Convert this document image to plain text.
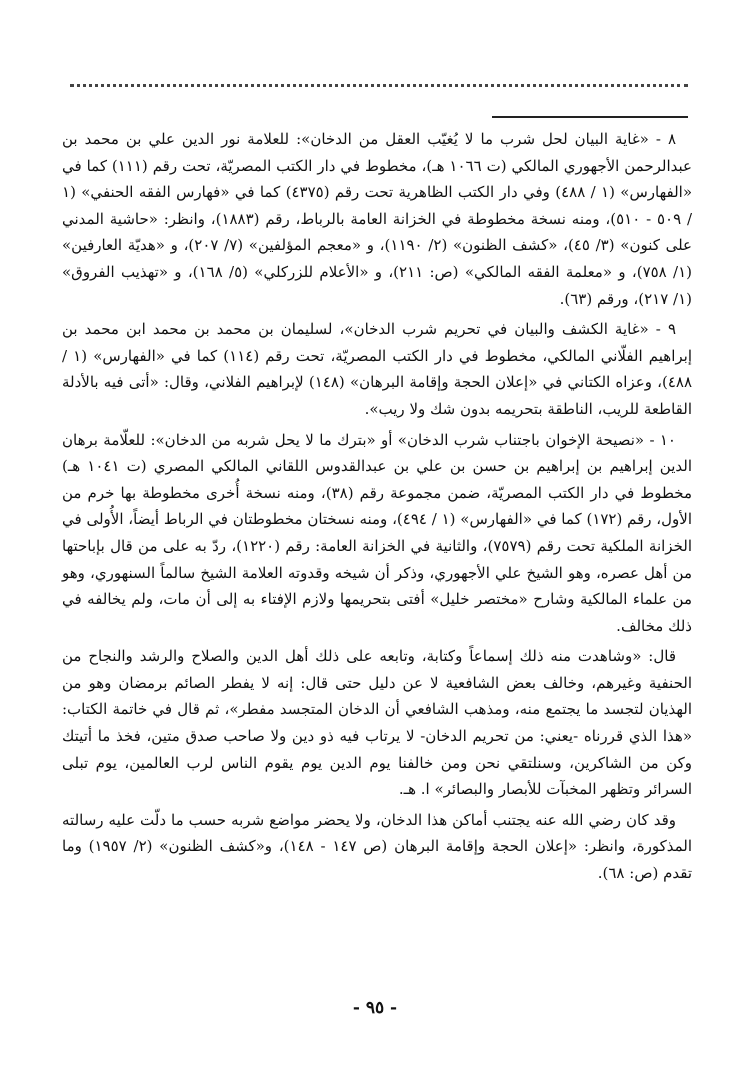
٨ - «غاية البيان لحل شرب ما لا يُغيّب العقل من الدخان»: للعلامة نور الدين علي بن محمد بن عبدالرحمن الأجهوري المالكي (ت ١٠٦٦ هـ)، مخطوط في دار الكتب المصريّة، تحت رقم (١١١) كما في «الفهارس» (١ / ٤٨٨) وفي دار الكتب الظاهرية تحت رقم (٤٣٧٥) كما في «فهارس الفقه الحنفي» (١ / ٥٠٩ - ٥١٠)، ومنه نسخة مخطوطة في الخزانة العامة بالرباط، رقم (١٨٨٣)، وانظر: «حاشية المدني على كنون» (٣/ ٤٥)، «كشف الظنون» (٢/ ١١٩٠)، و «معجم المؤلفين» (٧/ ٢٠٧)، و «هديّة العارفين» (١/ ٧٥٨)، و «معلمة الفقه المالكي» (ص: ٢١١)، و «الأعلام للزركلي» (٥/ ١٦٨)، و «تهذيب الفروق» (١/ ٢١٧)، ورقم (٦٣).

٩ - «غاية الكشف والبيان في تحريم شرب الدخان»، لسليمان بن محمد بن محمد ابن محمد بن إبراهيم الفلّاني المالكي، مخطوط في دار الكتب المصريّة، تحت رقم (١١٤) كما في «الفهارس» (١ / ٤٨٨)، وعزاه الكتاني في «إعلان الحجة وإقامة البرهان» (١٤٨) لإبراهيم الفلاني، وقال: «أتى فيه بالأدلة القاطعة للريب، الناطقة بتحريمه بدون شك ولا ريب».

١٠ - «نصيحة الإخوان باجتناب شرب الدخان» أو «بترك ما لا يحل شربه من الدخان»: للعلّامة برهان الدين إبراهيم بن إبراهيم بن حسن بن علي بن عبدالقدوس اللقاني المالكي المصري (ت ١٠٤١ هـ) مخطوط في دار الكتب المصريّة، ضمن مجموعة رقم (٣٨)، ومنه نسخة أُخرى مخطوطة بها خرم من الأول، رقم (١٧٢) كما في «الفهارس» (١ / ٤٩٤)، ومنه نسختان مخطوطتان في الرباط أيضاً، الأُولى في الخزانة الملكية تحت رقم (٧٥٧٩)، والثانية في الخزانة العامة: رقم (١٢٢٠)، ردّ به على من قال بإباحتها من أهل عصره، وهو الشيخ علي الأجهوري، وذكر أن شيخه وقدوته العلامة الشيخ سالماً السنهوري، وهو من علماء المالكية وشارح «مختصر خليل» أفتى بتحريمها ولازم الإفتاء به إلى أن مات، ولم يخالفه في ذلك مخالف.

قال: «وشاهدت منه ذلك إسماعاً وكتابة، وتابعه على ذلك أهل الدين والصلاح والرشد والنجاح من الحنفية وغيرهم، وخالف بعض الشافعية لا عن دليل حتى قال: إنه لا يفطر الصائم برمضان وهو من الهذيان لتجسد ما يجتمع منه، ومذهب الشافعي أن الدخان المتجسد مفطر»، ثم قال في خاتمة الكتاب: «هذا الذي قررناه -يعني: من تحريم الدخان- لا يرتاب فيه ذو دين ولا صاحب صدق متين، فخذ ما أتيتك وكن من الشاكرين، وسنلتقي نحن ومن خالفنا يوم الدين يوم يقوم الناس لرب العالمين، يوم تبلى السرائر وتظهر المخبآت للأبصار والبصائر» ا. هـ.

وقد كان رضي الله عنه يجتنب أماكن هذا الدخان، ولا يحضر مواضع شربه حسب ما دلّت عليه رسالته المذكورة، وانظر: «إعلان الحجة وإقامة البرهان (ص ١٤٧ - ١٤٨)، و«كشف الظنون» (٢/ ١٩٥٧) وما تقدم (ص: ٦٨).

- ٩٥ -
